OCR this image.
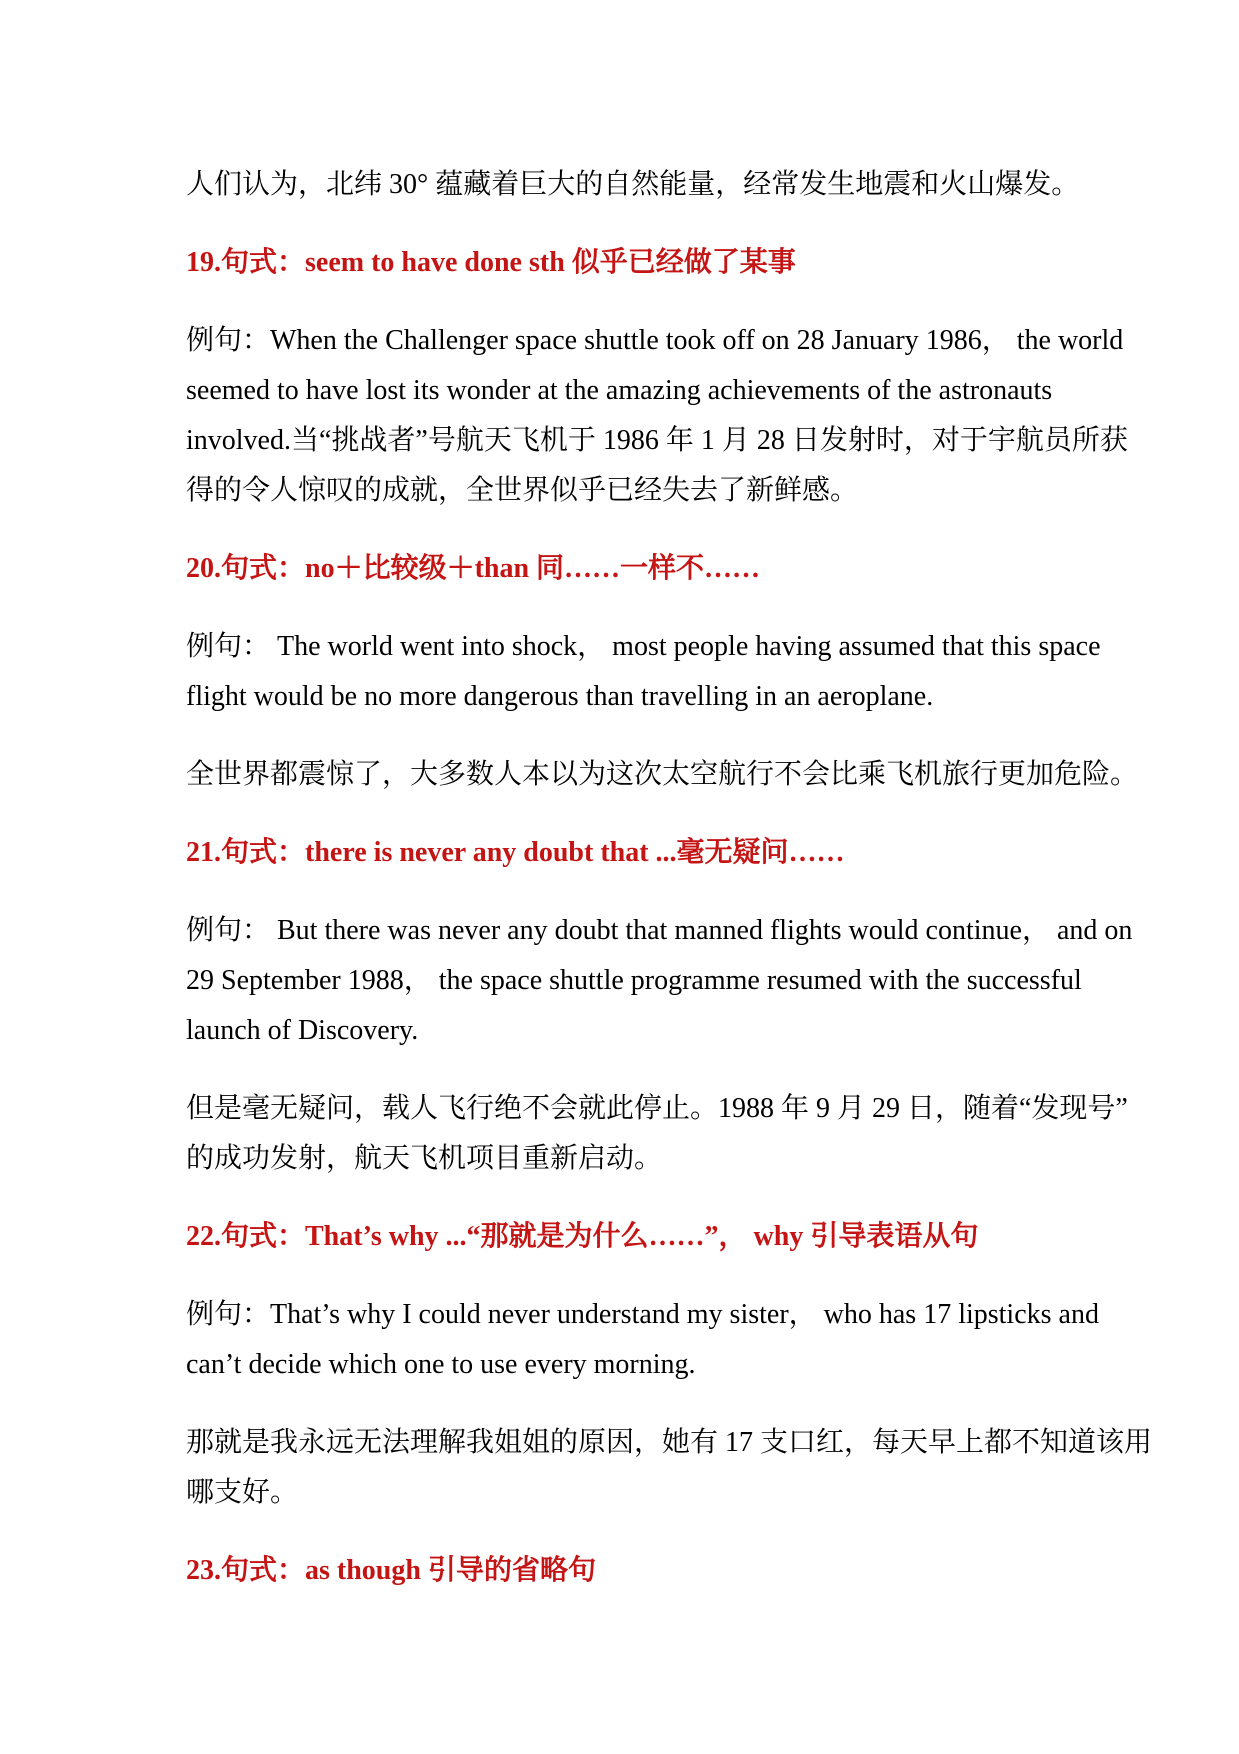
人们认为，北纬 30° 蕴藏着巨大的自然能量，经常发生地震和火山爆发。
19.句式：seem to have done sth 似乎已经做了某事
例句：When the Challenger space shuttle took off on 28 January 1986， the world
seemed to have lost its wonder at the amazing achievements of the astronauts
involved.当“挑战者”号航天飞机于 1986 年 1 月 28 日发射时，对于宇航员所获
得的令人惊叹的成就，全世界似乎已经失去了新鲜感。
20.句式：no＋比较级＋than 同……一样不……
例句： The world went into shock， most people having assumed that this space
flight would be no more dangerous than travelling in an aeroplane.
全世界都震惊了，大多数人本以为这次太空航行不会比乘飞机旅行更加危险。
21.句式：there is never any doubt that ...毫无疑问……
例句： But there was never any doubt that manned flights would continue， and on
29 September 1988， the space shuttle programme resumed with the successful
launch of Discovery.
但是毫无疑问，载人飞行绝不会就此停止。1988 年 9 月 29 日，随着“发现号”
的成功发射，航天飞机项目重新启动。
22.句式：That’s why ...“那就是为什么……”， why 引导表语从句
例句：That’s why I could never understand my sister， who has 17 lipsticks and
can’t decide which one to use every morning.
那就是我永远无法理解我姐姐的原因，她有 17 支口红，每天早上都不知道该用
哪支好。
23.句式：as though 引导的省略句
